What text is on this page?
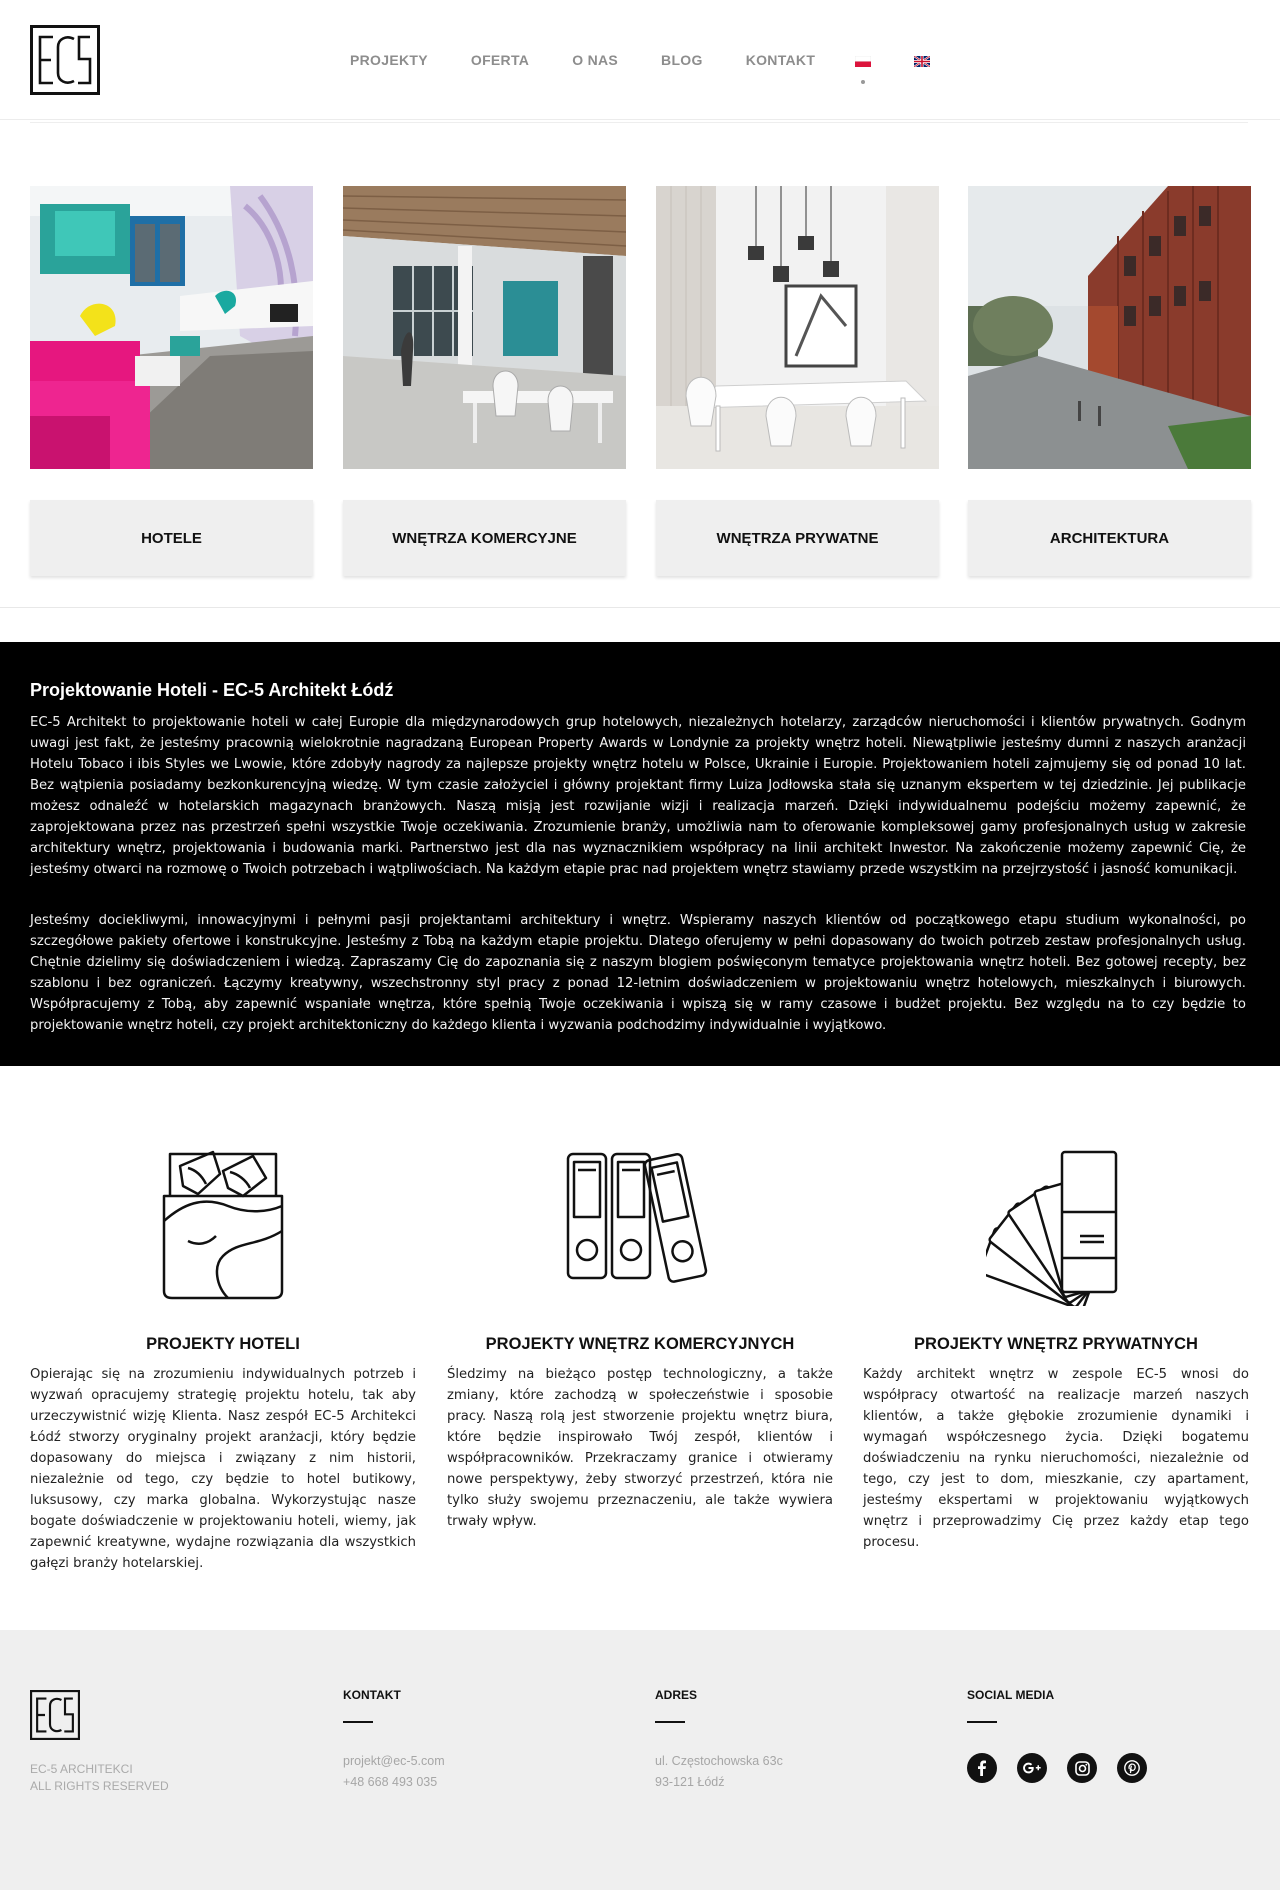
PROJEKTY	OFERTA	O NAS	BLOG	KONTAKT
HOTELE	WNĘTRZA KOMERCYJNE	WNĘTRZA PRYWATNE	ARCHITEKTURA
Projektowanie Hoteli - EC-5 Architekt Łódź

EC-5 Architekt to projektowanie hoteli w całej Europie dla międzynarodowych grup hotelowych, niezależnych hotelarzy, zarządców nieruchomości i klientów prywatnych. Godnym uwagi jest fakt, że jesteśmy pracownią wielokrotnie nagradzaną European Property Awards w Londynie za projekty wnętrz hoteli. Niewątpliwie jesteśmy dumni z naszych aranżacji Hotelu Tobaco i ibis Styles we Lwowie, które zdobyły nagrody za najlepsze projekty wnętrz hotelu w Polsce, Ukrainie i Europie. Projektowaniem hoteli zajmujemy się od ponad 10 lat. Bez wątpienia posiadamy bezkonkurencyjną wiedzę. W tym czasie założyciel i główny projektant firmy Luiza Jodłowska stała się uznanym ekspertem w tej dziedzinie. Jej publikacje możesz odnaleźć w hotelarskich magazynach branżowych. Naszą misją jest rozwijanie wizji i realizacja marzeń. Dzięki indywidualnemu podejściu możemy zapewnić, że zaprojektowana przez nas przestrzeń spełni wszystkie Twoje oczekiwania. Zrozumienie branży, umożliwia nam to oferowanie kompleksowej gamy profesjonalnych usług w zakresie architektury wnętrz, projektowania i budowania marki. Partnerstwo jest dla nas wyznacznikiem współpracy na linii architekt Inwestor. Na zakończenie możemy zapewnić Cię, że jesteśmy otwarci na rozmowę o Twoich potrzebach i wątpliwościach. Na każdym etapie prac nad projektem wnętrz stawiamy przede wszystkim na przejrzystość i jasność komunikacji.

Jesteśmy dociekliwymi, innowacyjnymi i pełnymi pasji projektantami architektury i wnętrz. Wspieramy naszych klientów od początkowego etapu studium wykonalności, po szczegółowe pakiety ofertowe i konstrukcyjne. Jesteśmy z Tobą na każdym etapie projektu. Dlatego oferujemy w pełni dopasowany do twoich potrzeb zestaw profesjonalnych usług. Chętnie dzielimy się doświadczeniem i wiedzą. Zapraszamy Cię do zapoznania się z naszym blogiem poświęconym tematyce projektowania wnętrz hoteli. Bez gotowej recepty, bez szablonu i bez ograniczeń. Łączymy kreatywny, wszechstronny styl pracy z ponad 12-letnim doświadczeniem w projektowaniu wnętrz hotelowych, mieszkalnych i biurowych. Współpracujemy z Tobą, aby zapewnić wspaniałe wnętrza, które spełnią Twoje oczekiwania i wpiszą się w ramy czasowe i budżet projektu. Bez względu na to czy będzie to projektowanie wnętrz hoteli, czy projekt architektoniczny do każdego klienta i wyzwania podchodzimy indywidualnie i wyjątkowo.

PROJEKTY HOTELI

Opierając się na zrozumieniu indywidualnych potrzeb i wyzwań opracujemy strategię projektu hotelu, tak aby urzeczywistnić wizję Klienta. Nasz zespół EC-5 Architekci Łódź stworzy oryginalny projekt aranżacji, który będzie dopasowany do miejsca i związany z nim historii, niezależnie od tego, czy będzie to hotel butikowy, luksusowy, czy marka globalna. Wykorzystując nasze bogate doświadczenie w projektowaniu hoteli, wiemy, jak zapewnić kreatywne, wydajne rozwiązania dla wszystkich gałęzi branży hotelarskiej.

PROJEKTY WNĘTRZ KOMERCYJNYCH

Śledzimy na bieżąco postęp technologiczny, a także zmiany, które zachodzą w społeczeństwie i sposobie pracy. Naszą rolą jest stworzenie projektu wnętrz biura, które będzie inspirowało Twój zespół, klientów i współpracowników. Przekraczamy granice i otwieramy nowe perspektywy, żeby stworzyć przestrzeń, która nie tylko służy swojemu przeznaczeniu, ale także wywiera trwały wpływ.

PROJEKTY WNĘTRZ PRYWATNYCH

Każdy architekt wnętrz w zespole EC-5 wnosi do współpracy otwartość na realizacje marzeń naszych klientów, a także głębokie zrozumienie dynamiki i wymagań współczesnego życia. Dzięki bogatemu doświadczeniu na rynku nieruchomości, niezależnie od tego, czy jest to dom, mieszkanie, czy apartament, jesteśmy ekspertami w projektowaniu wyjątkowych wnętrz i przeprowadzimy Cię przez każdy etap tego procesu.

EC-5 ARCHITEKCI
ALL RIGHTS RESERVED
KONTAKT
projekt@ec-5.com
+48 668 493 035
ADRES
ul. Częstochowska 63c
93-121 Łódź
SOCIAL MEDIA
